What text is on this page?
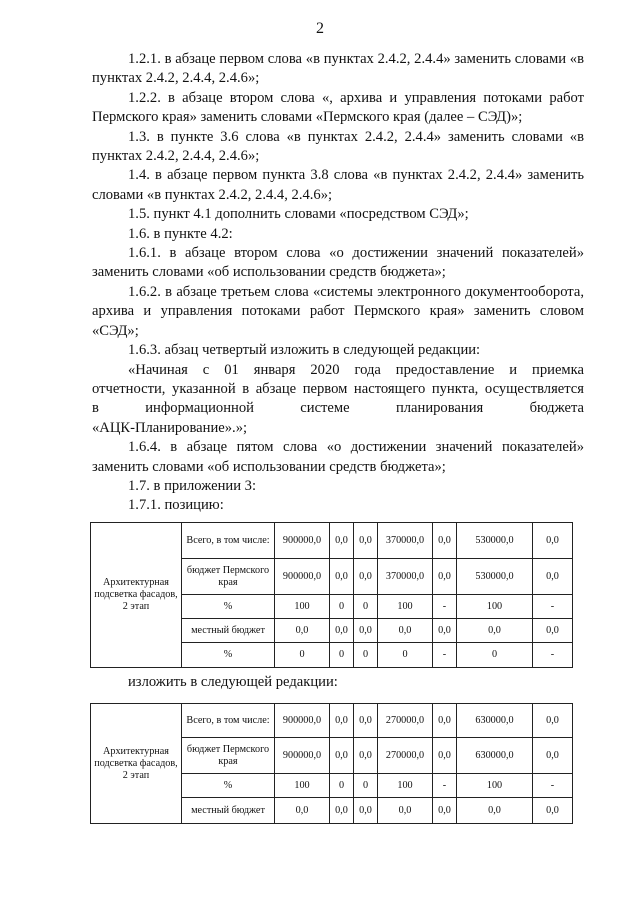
2

1.2.1. в абзаце первом слова «в пунктах 2.4.2, 2.4.4» заменить словами «в пунктах 2.4.2, 2.4.4, 2.4.6»;

1.2.2. в абзаце втором слова «, архива и управления потоками работ Пермского края» заменить словами «Пермского края (далее – СЭД)»;

1.3. в пункте 3.6 слова «в пунктах 2.4.2, 2.4.4» заменить словами «в пунктах 2.4.2, 2.4.4, 2.4.6»;

1.4. в абзаце первом пункта 3.8 слова «в пунктах 2.4.2, 2.4.4» заменить словами «в пунктах 2.4.2, 2.4.4, 2.4.6»;

1.5. пункт 4.1 дополнить словами «посредством СЭД»;

1.6. в пункте 4.2:

1.6.1. в абзаце втором слова «о достижении значений показателей» заменить словами «об использовании средств бюджета»;

1.6.2. в абзаце третьем слова «системы электронного документооборота, архива и управления потоками работ Пермского края» заменить словом «СЭД»;

1.6.3. абзац четвертый изложить в следующей редакции:

«Начиная с 01 января 2020 года предоставление и приемка
отчетности, указанной в абзаце первом настоящего пункта, осуществляется
в информационной системе планирования бюджета
«АЦК-Планирование».»;

1.6.4. в абзаце пятом слова «о достижении значений показателей» заменить словами «об использовании средств бюджета»;

1.7. в приложении 3:

1.7.1. позицию:

Архитектурная подсветка фасадов, 2 этап	Всего, в том числе:	900000,0	0,0	0,0	370000,0	0,0	530000,0	0,0
	бюджет Пермского края	900000,0	0,0	0,0	370000,0	0,0	530000,0	0,0
	%	100	0	0	100	-	100	-
	местный бюджет	0,0	0,0	0,0	0,0	0,0	0,0	0,0
	%	0	0	0	0	-	0	-
изложить в следующей редакции:
Архитектурная подсветка фасадов, 2 этап	Всего, в том числе:	900000,0	0,0	0,0	270000,0	0,0	630000,0	0,0
	бюджет Пермского края	900000,0	0,0	0,0	270000,0	0,0	630000,0	0,0
	%	100	0	0	100	-	100	-
	местный бюджет	0,0	0,0	0,0	0,0	0,0	0,0	0,0
